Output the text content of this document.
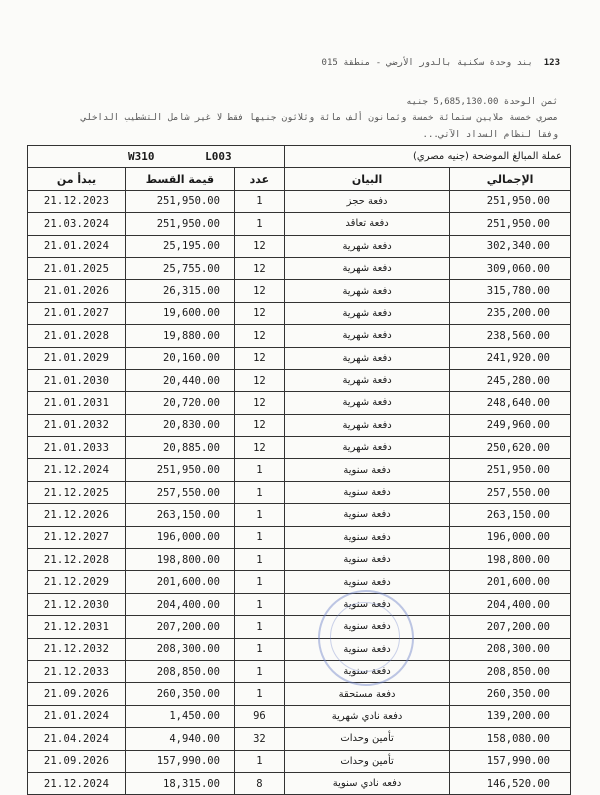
123  بند وحدة سكنية بالدور الأرضي - منطقة 015
ثمن الوحدة 5,685,130.00 جنيه
مصري خمسة ملايين ستمائة خمسة وثمانون ألف مائة وثلاثون جنيها فقط لا غير شامل التشطيب الداخلي
وفقا لنظام السداد الآتي...
W310 L003			عملة المبالغ الموضحة (جنيه مصري)	
يبدأ من	قيمة القسط	عدد	البيان	الإجمالي
21.12.2023	251,950.00	1	دفعة حجز	251,950.00
21.03.2024	251,950.00	1	دفعة تعاقد	251,950.00
21.01.2024	25,195.00	12	دفعة شهرية	302,340.00
21.01.2025	25,755.00	12	دفعة شهرية	309,060.00
21.01.2026	26,315.00	12	دفعة شهرية	315,780.00
21.01.2027	19,600.00	12	دفعة شهرية	235,200.00
21.01.2028	19,880.00	12	دفعة شهرية	238,560.00
21.01.2029	20,160.00	12	دفعة شهرية	241,920.00
21.01.2030	20,440.00	12	دفعة شهرية	245,280.00
21.01.2031	20,720.00	12	دفعة شهرية	248,640.00
21.01.2032	20,830.00	12	دفعة شهرية	249,960.00
21.01.2033	20,885.00	12	دفعة شهرية	250,620.00
21.12.2024	251,950.00	1	دفعة سنوية	251,950.00
21.12.2025	257,550.00	1	دفعة سنوية	257,550.00
21.12.2026	263,150.00	1	دفعة سنوية	263,150.00
21.12.2027	196,000.00	1	دفعة سنوية	196,000.00
21.12.2028	198,800.00	1	دفعة سنوية	198,800.00
21.12.2029	201,600.00	1	دفعة سنوية	201,600.00
21.12.2030	204,400.00	1	دفعة سنوية	204,400.00
21.12.2031	207,200.00	1	دفعة سنوية	207,200.00
21.12.2032	208,300.00	1	دفعة سنوية	208,300.00
21.12.2033	208,850.00	1	دفعة سنوية	208,850.00
21.09.2026	260,350.00	1	دفعة مستحقة	260,350.00
21.01.2024	1,450.00	96	دفعة نادي شهرية	139,200.00
21.04.2024	4,940.00	32	تأمين وحدات	158,080.00
21.09.2026	157,990.00	1	تأمين وحدات	157,990.00
21.12.2024	18,315.00	8	دفعه نادي سنوية	146,520.00
